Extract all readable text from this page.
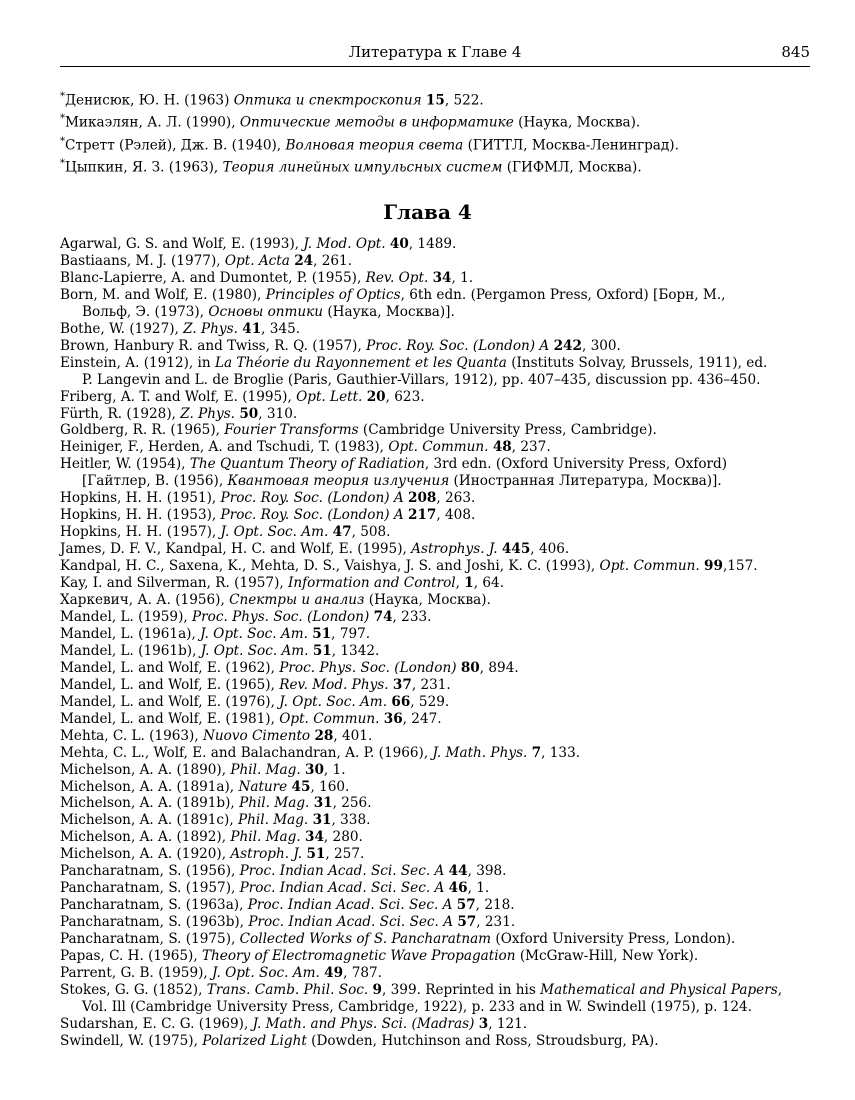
Литература к Главе 4	845
*Денисюк, Ю. Н. (1963) Оптика и спектроскопия 15, 522.
*Микаэлян, А. Л. (1990), Оптические методы в информатике (Наука, Москва).
*Стретт (Рэлей), Дж. В. (1940), Волновая теория света (ГИТТЛ, Москва-Ленинград).
*Цыпкин, Я. З. (1963), Теория линейных импульсных систем (ГИФМЛ, Москва).
Глава 4
Agarwal, G. S. and Wolf, E. (1993), J. Mod. Opt. 40, 1489.
Bastiaans, M. J. (1977), Opt. Acta 24, 261.
Blanc-Lapierre, A. and Dumontet, P. (1955), Rev. Opt. 34, 1.
Born, M. and Wolf, E. (1980), Principles of Optics, 6th edn. (Pergamon Press, Oxford) [Борн, М.,
Вольф, Э. (1973), Основы оптики (Наука, Москва)].
Bothe, W. (1927), Z. Phys. 41, 345.
Brown, Hanbury R. and Twiss, R. Q. (1957), Proc. Roy. Soc. (London) A 242, 300.
Einstein, A. (1912), in La Théorie du Rayonnement et les Quanta (Instituts Solvay, Brussels, 1911), ed.
P. Langevin and L. de Broglie (Paris, Gauthier-Villars, 1912), pp. 407–435, discussion pp. 436–450.
Friberg, A. T. and Wolf, E. (1995), Opt. Lett. 20, 623.
Fürth, R. (1928), Z. Phys. 50, 310.
Goldberg, R. R. (1965), Fourier Transforms (Cambridge University Press, Cambridge).
Heiniger, F., Herden, A. and Tschudi, T. (1983), Opt. Commun. 48, 237.
Heitler, W. (1954), The Quantum Theory of Radiation, 3rd edn. (Oxford University Press, Oxford)
[Гайтлер, В. (1956), Квантовая теория излучения (Иностранная Литература, Москва)].
Hopkins, H. H. (1951), Proc. Roy. Soc. (London) A 208, 263.
Hopkins, H. H. (1953), Proc. Roy. Soc. (London) A 217, 408.
Hopkins, H. H. (1957), J. Opt. Soc. Am. 47, 508.
James, D. F. V., Kandpal, H. C. and Wolf, E. (1995), Astrophys. J. 445, 406.
Kandpal, H. C., Saxena, K., Mehta, D. S., Vaishya, J. S. and Joshi, K. C. (1993), Opt. Commun. 99,157.
Kay, I. and Silverman, R. (1957), Information and Control, 1, 64.
Харкевич, А. А. (1956), Спектры и анализ (Наука, Москва).
Mandel, L. (1959), Proc. Phys. Soc. (London) 74, 233.
Mandel, L. (1961a), J. Opt. Soc. Am. 51, 797.
Mandel, L. (1961b), J. Opt. Soc. Am. 51, 1342.
Mandel, L. and Wolf, E. (1962), Proc. Phys. Soc. (London) 80, 894.
Mandel, L. and Wolf, E. (1965), Rev. Mod. Phys. 37, 231.
Mandel, L. and Wolf, E. (1976), J. Opt. Soc. Am. 66, 529.
Mandel, L. and Wolf, E. (1981), Opt. Commun. 36, 247.
Mehta, C. L. (1963), Nuovo Cimento 28, 401.
Mehta, C. L., Wolf, E. and Balachandran, A. P. (1966), J. Math. Phys. 7, 133.
Michelson, A. A. (1890), Phil. Mag. 30, 1.
Michelson, A. A. (1891a), Nature 45, 160.
Michelson, A. A. (1891b), Phil. Mag. 31, 256.
Michelson, A. A. (1891c), Phil. Mag. 31, 338.
Michelson, A. A. (1892), Phil. Mag. 34, 280.
Michelson, A. A. (1920), Astroph. J. 51, 257.
Pancharatnam, S. (1956), Proc. Indian Acad. Sci. Sec. A 44, 398.
Pancharatnam, S. (1957), Proc. Indian Acad. Sci. Sec. A 46, 1.
Pancharatnam, S. (1963a), Proc. Indian Acad. Sci. Sec. A 57, 218.
Pancharatnam, S. (1963b), Proc. Indian Acad. Sci. Sec. A 57, 231.
Pancharatnam, S. (1975), Collected Works of S. Pancharatnam (Oxford University Press, London).
Papas, C. H. (1965), Theory of Electromagnetic Wave Propagation (McGraw-Hill, New York).
Parrent, G. B. (1959), J. Opt. Soc. Am. 49, 787.
Stokes, G. G. (1852), Trans. Camb. Phil. Soc. 9, 399. Reprinted in his Mathematical and Physical Papers,
Vol. Ill (Cambridge University Press, Cambridge, 1922), p. 233 and in W. Swindell (1975), p. 124.
Sudarshan, E. C. G. (1969), J. Math. and Phys. Sci. (Madras) 3, 121.
Swindell, W. (1975), Polarized Light (Dowden, Hutchinson and Ross, Stroudsburg, PA).
